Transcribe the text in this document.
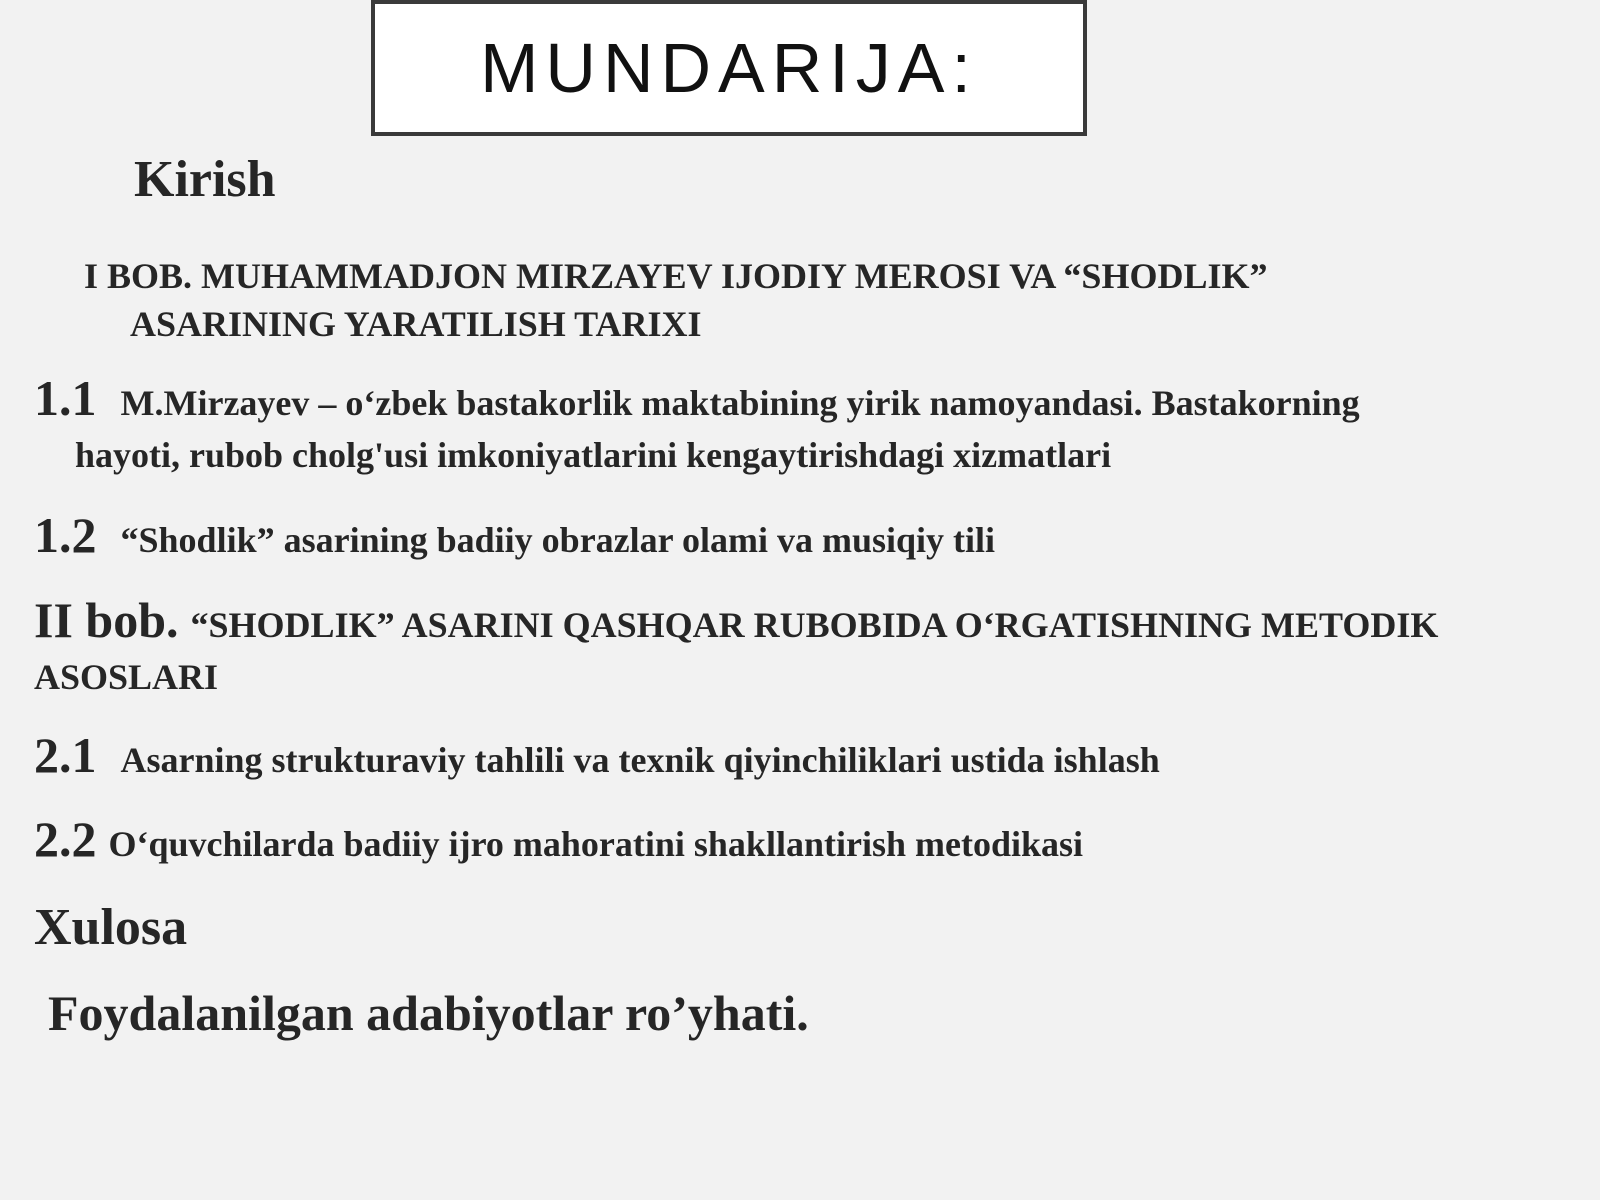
MUNDARIJA:
Kirish
I BOB. MUHAMMADJON MIRZAYEV IJODIY MEROSI VA “SHODLIK”
ASARINING YARATILISH TARIXI
1.1 M.Mirzayev – o‘zbek bastakorlik maktabining yirik namoyandasi. Bastakorning
hayoti, rubob cholg'usi imkoniyatlarini kengaytirishdagi xizmatlari
1.2 “Shodlik” asarining badiiy obrazlar olami va musiqiy tili
II bob. “SHODLIK” ASARINI QASHQAR RUBOBIDA O‘RGATISHNING METODIK ASOSLARI
2.1 Asarning strukturaviy tahlili va texnik qiyinchiliklari ustida ishlash
2.2 O‘quvchilarda badiiy ijro mahoratini shakllantirish metodikasi
Xulosa
Foydalanilgan adabiyotlar ro’yhati.
